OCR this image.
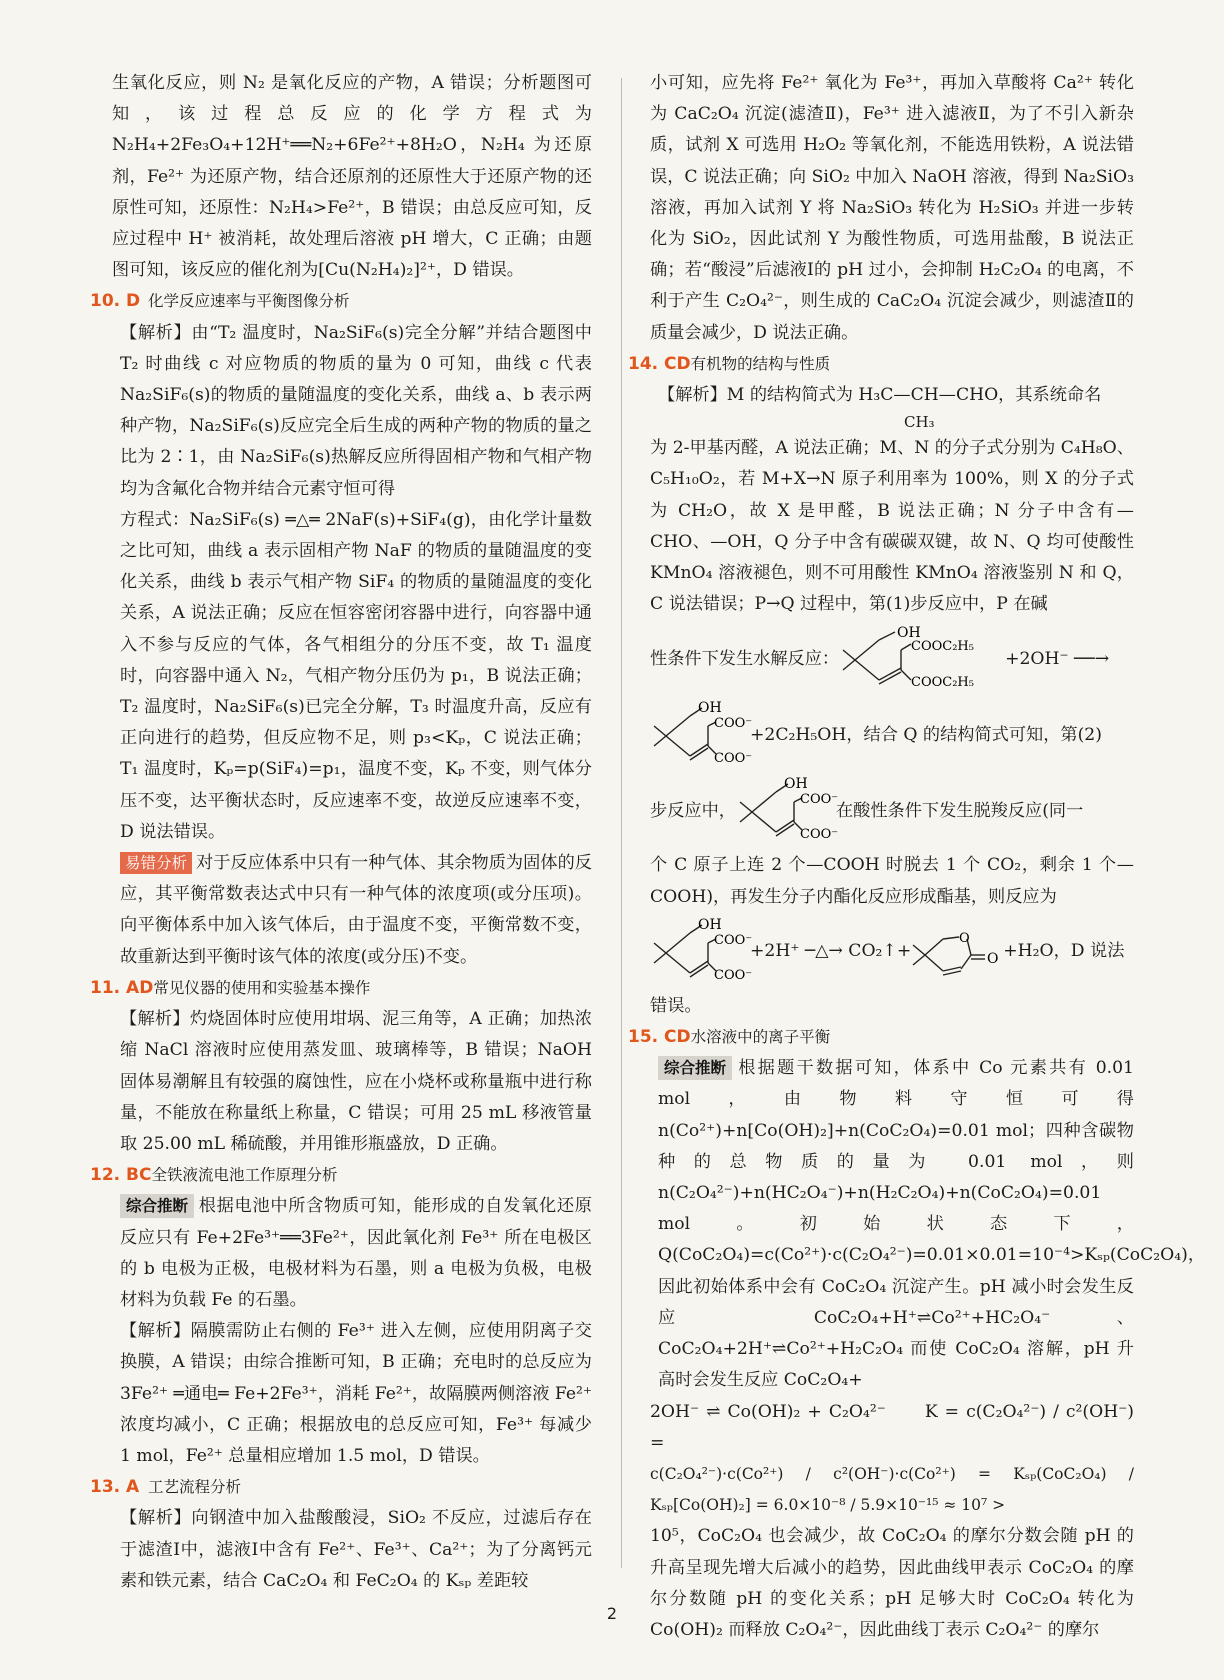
生氧化反应，则 N₂ 是氧化反应的产物，A 错误；分析题图可知，该过程总反应的化学方程式为 N₂H₄+2Fe₃O₄+12H⁺══N₂+6Fe²⁺+8H₂O，N₂H₄ 为还原剂，Fe²⁺ 为还原产物，结合还原剂的还原性大于还原产物的还原性可知，还原性：N₂H₄>Fe²⁺，B 错误；由总反应可知，反应过程中 H⁺ 被消耗，故处理后溶液 pH 增大，C 正确；由题图可知，该反应的催化剂为[Cu(N₂H₄)₂]²⁺，D 错误。

10. D 化学反应速率与平衡图像分析

【解析】由“T₂ 温度时，Na₂SiF₆(s)完全分解”并结合题图中 T₂ 时曲线 c 对应物质的物质的量为 0 可知，曲线 c 代表 Na₂SiF₆(s)的物质的量随温度的变化关系，曲线 a、b 表示两种产物，Na₂SiF₆(s)反应完全后生成的两种产物的物质的量之比为 2∶1，由 Na₂SiF₆(s)热解反应所得固相产物和气相产物均为含氟化合物并结合元素守恒可得

方程式：Na₂SiF₆(s) ═△═ 2NaF(s)+SiF₄(g)，由化学计量数之比可知，曲线 a 表示固相产物 NaF 的物质的量随温度的变化关系，曲线 b 表示气相产物 SiF₄ 的物质的量随温度的变化关系，A 说法正确；反应在恒容密闭容器中进行，向容器中通入不参与反应的气体，各气相组分的分压不变，故 T₁ 温度时，向容器中通入 N₂，气相产物分压仍为 p₁，B 说法正确；T₂ 温度时，Na₂SiF₆(s)已完全分解，T₃ 时温度升高，反应有正向进行的趋势，但反应物不足，则 p₃<Kₚ，C 说法正确；T₁ 温度时，Kₚ=p(SiF₄)=p₁，温度不变，Kₚ 不变，则气体分压不变，达平衡状态时，反应速率不变，故逆反应速率不变，D 说法错误。

易错分析 对于反应体系中只有一种气体、其余物质为固体的反应，其平衡常数表达式中只有一种气体的浓度项(或分压项)。向平衡体系中加入该气体后，由于温度不变，平衡常数不变，故重新达到平衡时该气体的浓度(或分压)不变。

11. AD 常见仪器的使用和实验基本操作

【解析】灼烧固体时应使用坩埚、泥三角等，A 正确；加热浓缩 NaCl 溶液时应使用蒸发皿、玻璃棒等，B 错误；NaOH 固体易潮解且有较强的腐蚀性，应在小烧杯或称量瓶中进行称量，不能放在称量纸上称量，C 错误；可用 25 mL 移液管量取 25.00 mL 稀硫酸，并用锥形瓶盛放，D 正确。

12. BC 全铁液流电池工作原理分析

综合推断 根据电池中所含物质可知，能形成的自发氧化还原反应只有 Fe+2Fe³⁺══3Fe²⁺，因此氧化剂 Fe³⁺ 所在电极区的 b 电极为正极，电极材料为石墨，则 a 电极为负极，电极材料为负载 Fe 的石墨。

【解析】隔膜需防止右侧的 Fe³⁺ 进入左侧，应使用阴离子交换膜，A 错误；由综合推断可知，B 正确；充电时的总反应为 3Fe²⁺ ═通电═ Fe+2Fe³⁺，消耗 Fe²⁺，故隔膜两侧溶液 Fe²⁺ 浓度均减小，C 正确；根据放电的总反应可知，Fe³⁺ 每减少 1 mol，Fe²⁺ 总量相应增加 1.5 mol，D 错误。

13. A 工艺流程分析

【解析】向钢渣中加入盐酸酸浸，SiO₂ 不反应，过滤后存在于滤渣Ⅰ中，滤液Ⅰ中含有 Fe²⁺、Fe³⁺、Ca²⁺；为了分离钙元素和铁元素，结合 CaC₂O₄ 和 FeC₂O₄ 的 Kₛₚ 差距较

小可知，应先将 Fe²⁺ 氧化为 Fe³⁺，再加入草酸将 Ca²⁺ 转化为 CaC₂O₄ 沉淀(滤渣Ⅱ)，Fe³⁺ 进入滤液Ⅱ，为了不引入新杂质，试剂 X 可选用 H₂O₂ 等氧化剂，不能选用铁粉，A 说法错误，C 说法正确；向 SiO₂ 中加入 NaOH 溶液，得到 Na₂SiO₃ 溶液，再加入试剂 Y 将 Na₂SiO₃ 转化为 H₂SiO₃ 并进一步转化为 SiO₂，因此试剂 Y 为酸性物质，可选用盐酸，B 说法正确；若“酸浸”后滤液Ⅰ的 pH 过小，会抑制 H₂C₂O₄ 的电离，不利于产生 C₂O₄²⁻，则生成的 CaC₂O₄ 沉淀会减少，则滤渣Ⅱ的质量会减少，D 说法正确。

14. CD 有机物的结构与性质

【解析】M 的结构简式为 H₃C—CH—CHO，其系统命名

CH₃

为 2-甲基丙醛，A 说法正确；M、N 的分子式分别为 C₄H₈O、C₅H₁₀O₂，若 M+X→N 原子利用率为 100%，则 X 的分子式为 CH₂O，故 X 是甲醛，B 说法正确；N 分子中含有—CHO、—OH，Q 分子中含有碳碳双键，故 N、Q 均可使酸性 KMnO₄ 溶液褪色，则不可用酸性 KMnO₄ 溶液鉴别 N 和 Q，C 说法错误；P→Q 过程中，第(1)步反应中，P 在碱

性条件下发生水解反应：
OH
COOC₂H₅
COOC₂H₅
+2OH⁻ ──→
OH
COO⁻
COO⁻
+2C₂H₅OH，结合 Q 的结构简式可知，第(2)
步反应中，
OH
COO⁻
COO⁻
在酸性条件下发生脱羧反应(同一

个 C 原子上连 2 个—COOH 时脱去 1 个 CO₂，剩余 1 个—COOH)，再发生分子内酯化反应形成酯基，则反应为

OH
COO⁻
COO⁻
+2H⁺ ─△→ CO₂↑+
O
O +H₂O，D 说法

错误。

15. CD 水溶液中的离子平衡

综合推断 根据题干数据可知，体系中 Co 元素共有 0.01 mol，由物料守恒可得 n(Co²⁺)+n[Co(OH)₂]+n(CoC₂O₄)=0.01 mol；四种含碳物种的总物质的量为 0.01 mol，则 n(C₂O₄²⁻)+n(HC₂O₄⁻)+n(H₂C₂O₄)+n(CoC₂O₄)=0.01 mol。初始状态下，Q(CoC₂O₄)=c(Co²⁺)·c(C₂O₄²⁻)=0.01×0.01=10⁻⁴>Kₛₚ(CoC₂O₄)，因此初始体系中会有 CoC₂O₄ 沉淀产生。pH 减小时会发生反应 CoC₂O₄+H⁺⇌Co²⁺+HC₂O₄⁻、CoC₂O₄+2H⁺⇌Co²⁺+H₂C₂O₄ 而使 CoC₂O₄ 溶解，pH 升高时会发生反应 CoC₂O₄+

2OH⁻ ⇌ Co(OH)₂ + C₂O₄²⁻　　K = c(C₂O₄²⁻) / c²(OH⁻) =

c(C₂O₄²⁻)·c(Co²⁺) / c²(OH⁻)·c(Co²⁺) = Kₛₚ(CoC₂O₄) / Kₛₚ[Co(OH)₂] = 6.0×10⁻⁸ / 5.9×10⁻¹⁵ ≈ 10⁷ >

10⁵，CoC₂O₄ 也会减少，故 CoC₂O₄ 的摩尔分数会随 pH 的升高呈现先增大后减小的趋势，因此曲线甲表示 CoC₂O₄ 的摩尔分数随 pH 的变化关系；pH 足够大时 CoC₂O₄ 转化为 Co(OH)₂ 而释放 C₂O₄²⁻，因此曲线丁表示 C₂O₄²⁻ 的摩尔

2
